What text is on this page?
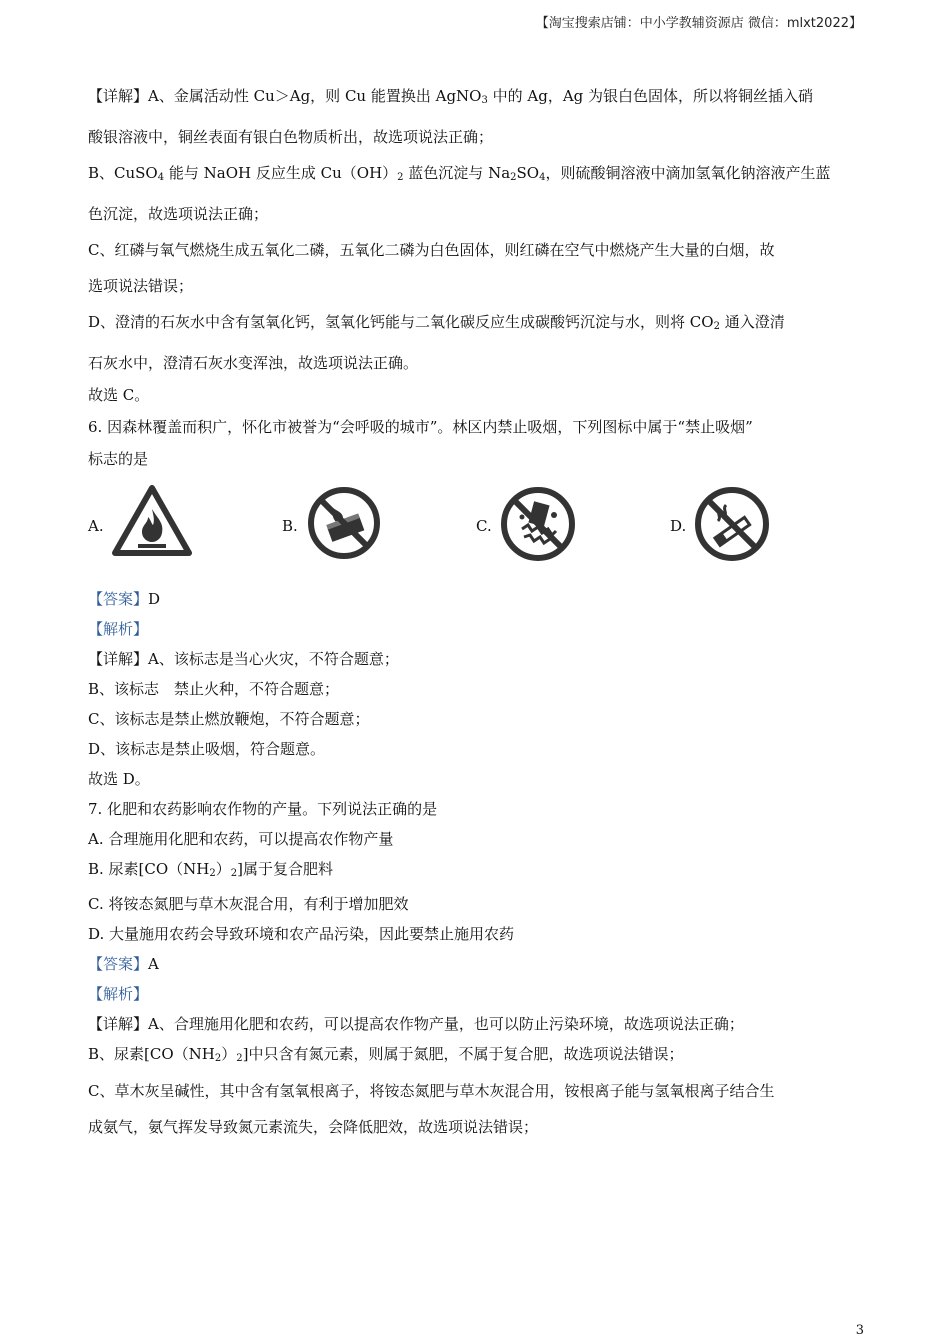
【淘宝搜索店铺：中小学教辅资源店 微信：mlxt2022】

【详解】A、金属活动性 Cu＞Ag，则 Cu 能置换出 AgNO$_3$ 中的 Ag，Ag 为银白色固体，所以将铜丝插入硝

酸银溶液中，铜丝表面有银白色物质析出，故选项说法正确；

B、CuSO$_4$ 能与 NaOH 反应生成 $Cu(OH)_2$ 蓝色沉淀与 $Na_2SO_4$，则硫酸铜溶液中滴加氢氧化钠溶液产生蓝

色沉淀，故选项说法正确；

C、红磷与氧气燃烧生成五氧化二磷，五氧化二磷为白色固体，则红磷在空气中燃烧产生大量的白烟，故

选项说法错误；

D、澄清的石灰水中含有氢氧化钙，氢氧化钙能与二氧化碳反应生成碳酸钙沉淀与水，则将 $CO_2$ 通入澄清

石灰水中，澄清石灰水变浑浊，故选项说法正确。

故选 C。

6. 因森林覆盖而积广，怀化市被誉为“会呼吸的城市”。林区内禁止吸烟，下列图标中属于“禁止吸烟”

标志的是

A.	B.	C.	D.

【答案】D

【解析】

【详解】A、该标志是当心火灾，不符合题意；

B、该标志　禁止火种，不符合题意；

C、该标志是禁止燃放鞭炮，不符合题意；

D、该标志是禁止吸烟，符合题意。

故选 D。

7. 化肥和农药影响农作物的产量。下列说法正确的是

A. 合理施用化肥和农药，可以提高农作物产量

B. 尿素$[CO(NH_2)_2]$属于复合肥料

C. 将铵态氮肥与草木灰混合用，有利于增加肥效

D. 大量施用农药会导致环境和农产品污染，因此要禁止施用农药

【答案】A

【解析】

【详解】A、合理施用化肥和农药，可以提高农作物产量，也可以防止污染环境，故选项说法正确；

B、尿素$[CO(NH_2)_2]$中只含有氮元素，则属于氮肥，不属于复合肥，故选项说法错误；

C、草木灰呈碱性，其中含有氢氧根离子，将铵态氮肥与草木灰混合用，铵根离子能与氢氧根离子结合生

成氨气，氨气挥发导致氮元素流失，会降低肥效，故选项说法错误；

3
